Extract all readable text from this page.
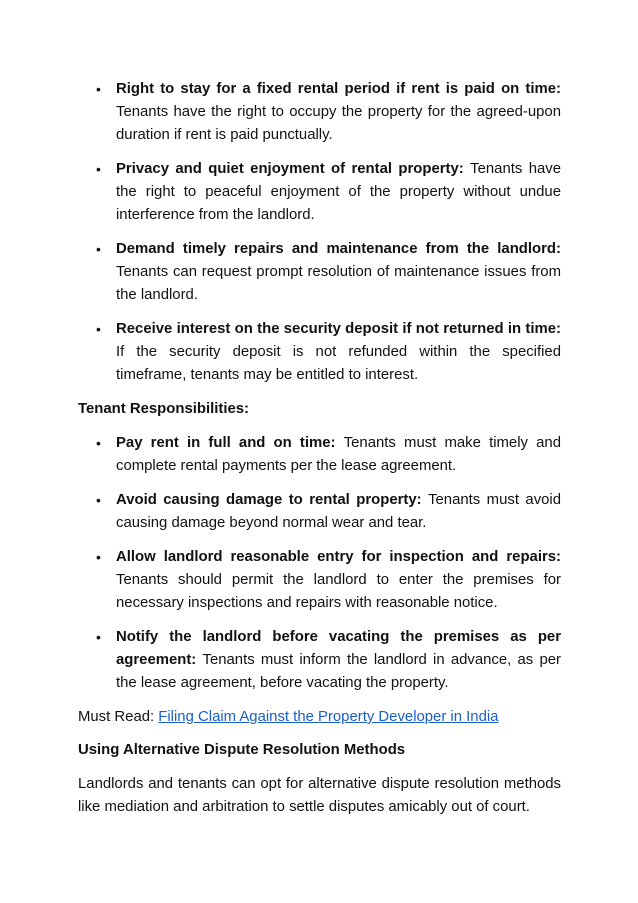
• Right to stay for a fixed rental period if rent is paid on time:Tenants have the right to occupy the property for the agreed-upon duration if rent is paid punctually.
• Privacy and quiet enjoyment of rental property: Tenants have the right to peaceful enjoyment of the property without undue interference from the landlord.
• Demand timely repairs and maintenance from the landlord:Tenants can request prompt resolution of maintenance issues from the landlord.
• Receive interest on the security deposit if not returned in time:If the security deposit is not refunded within the specified timeframe, tenants may be entitled to interest.
Tenant Responsibilities:
• Pay rent in full and on time: Tenants must make timely and complete rental payments per the lease agreement.
• Avoid causing damage to rental property: Tenants must avoid causing damage beyond normal wear and tear.
• Allow landlord reasonable entry for inspection and repairs:Tenants should permit the landlord to enter the premises for necessary inspections and repairs with reasonable notice.
• Notify the landlord before vacating the premises as per agreement: Tenants must inform the landlord in advance, as per the lease agreement, before vacating the property.

Must Read: Filing Claim Against the Property Developer in India

Using Alternative Dispute Resolution Methods

Landlords and tenants can opt for alternative dispute resolution methods like mediation and arbitration to settle disputes amicably out of court.
